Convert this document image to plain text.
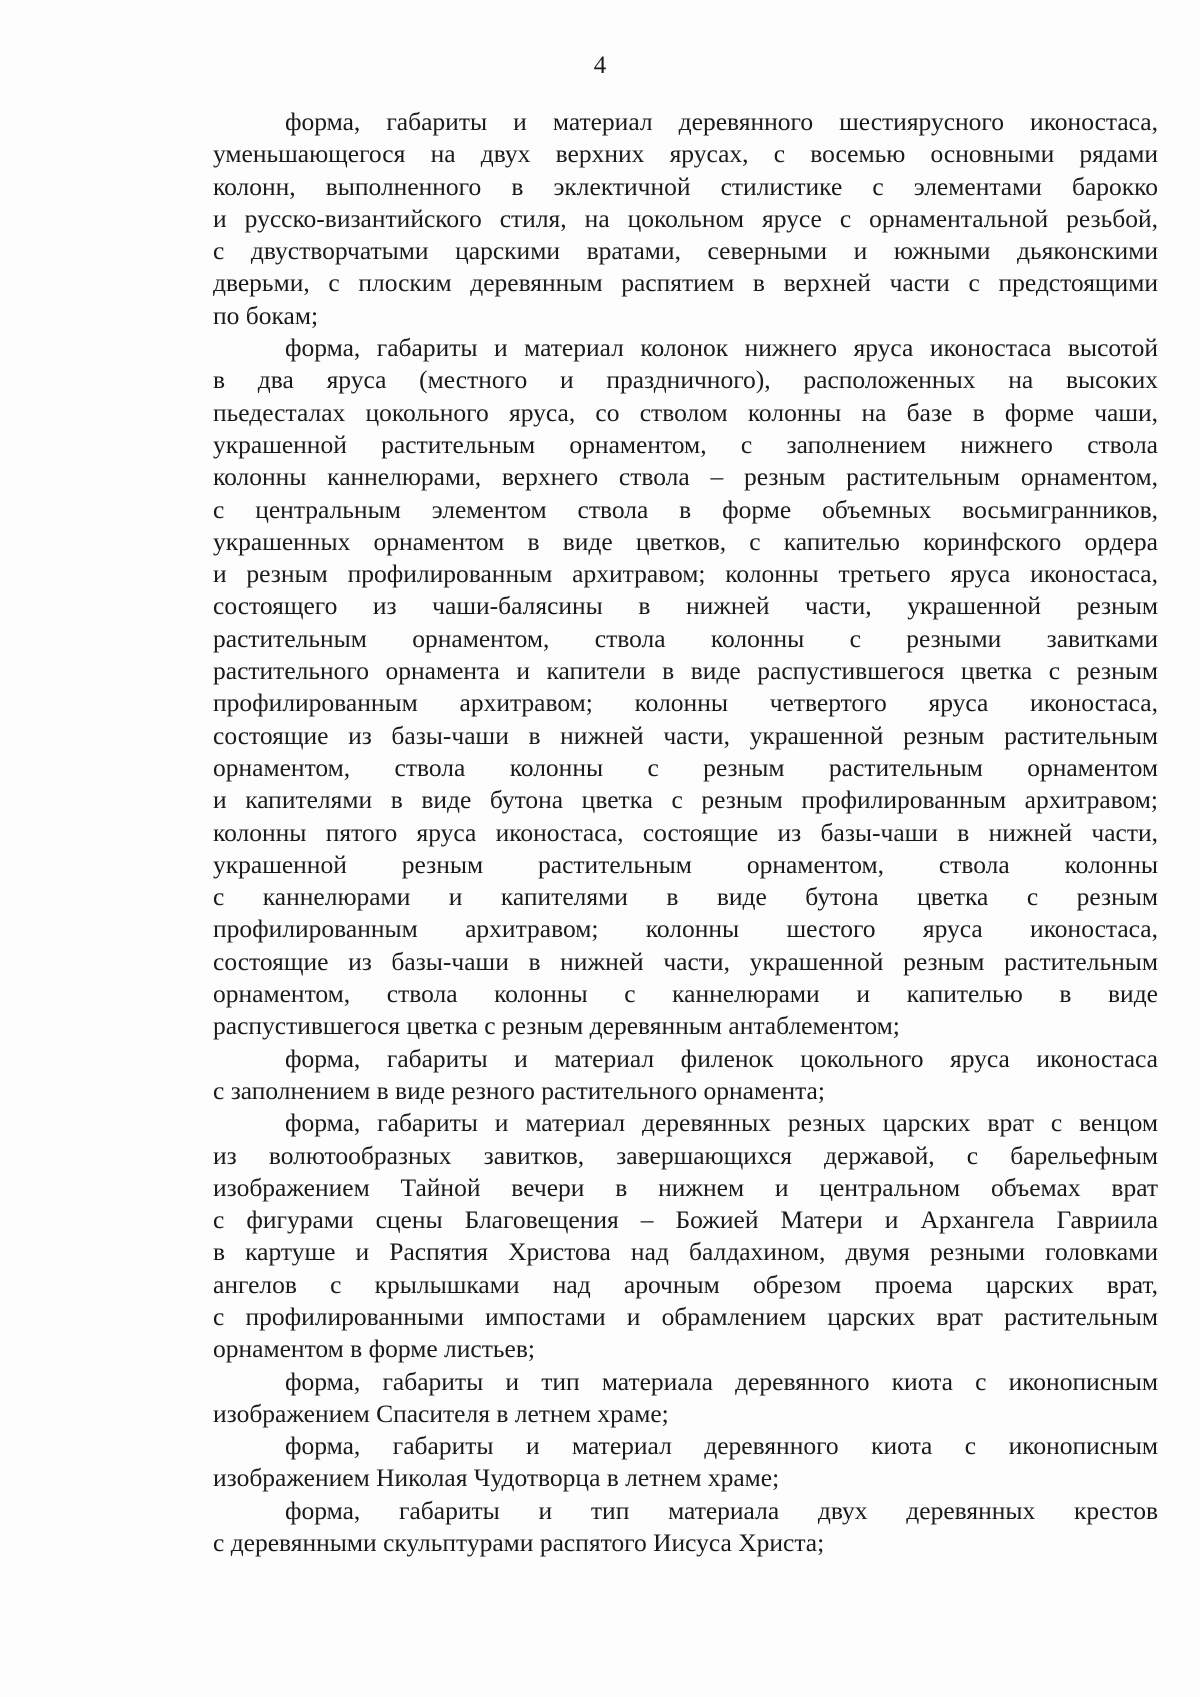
4
форма, габариты и материал деревянного шестиярусного иконостаса,
уменьшающегося на двух верхних ярусах, с восемью основными рядами
колонн, выполненного в эклектичной стилистике с элементами барокко
и русско-византийского стиля, на цокольном ярусе с орнаментальной резьбой,
с двустворчатыми царскими вратами, северными и южными дьяконскими
дверьми, с плоским деревянным распятием в верхней части с предстоящими
по бокам;
форма, габариты и материал колонок нижнего яруса иконостаса высотой
в два яруса (местного и праздничного), расположенных на высоких
пьедесталах цокольного яруса, со стволом колонны на базе в форме чаши,
украшенной растительным орнаментом, с заполнением нижнего ствола
колонны каннелюрами, верхнего ствола – резным растительным орнаментом,
с центральным элементом ствола в форме объемных восьмигранников,
украшенных орнаментом в виде цветков, с капителью коринфского ордера
и резным профилированным архитравом; колонны третьего яруса иконостаса,
состоящего из чаши-балясины в нижней части, украшенной резным
растительным орнаментом, ствола колонны с резными завитками
растительного орнамента и капители в виде распустившегося цветка с резным
профилированным архитравом; колонны четвертого яруса иконостаса,
состоящие из базы-чаши в нижней части, украшенной резным растительным
орнаментом, ствола колонны с резным растительным орнаментом
и капителями в виде бутона цветка с резным профилированным архитравом;
колонны пятого яруса иконостаса, состоящие из базы-чаши в нижней части,
украшенной резным растительным орнаментом, ствола колонны
с каннелюрами и капителями в виде бутона цветка с резным
профилированным архитравом; колонны шестого яруса иконостаса,
состоящие из базы-чаши в нижней части, украшенной резным растительным
орнаментом, ствола колонны с каннелюрами и капителью в виде
распустившегося цветка с резным деревянным антаблементом;
форма, габариты и материал филенок цокольного яруса иконостаса
с заполнением в виде резного растительного орнамента;
форма, габариты и материал деревянных резных царских врат с венцом
из волютообразных завитков, завершающихся державой, с барельефным
изображением Тайной вечери в нижнем и центральном объемах врат
с фигурами сцены Благовещения – Божией Матери и Архангела Гавриила
в картуше и Распятия Христова над балдахином, двумя резными головками
ангелов с крылышками над арочным обрезом проема царских врат,
с профилированными импостами и обрамлением царских врат растительным
орнаментом в форме листьев;
форма, габариты и тип материала деревянного киота с иконописным
изображением Спасителя в летнем храме;
форма, габариты и материал деревянного киота с иконописным
изображением Николая Чудотворца в летнем храме;
форма, габариты и тип материала двух деревянных крестов
с деревянными скульптурами распятого Иисуса Христа;
